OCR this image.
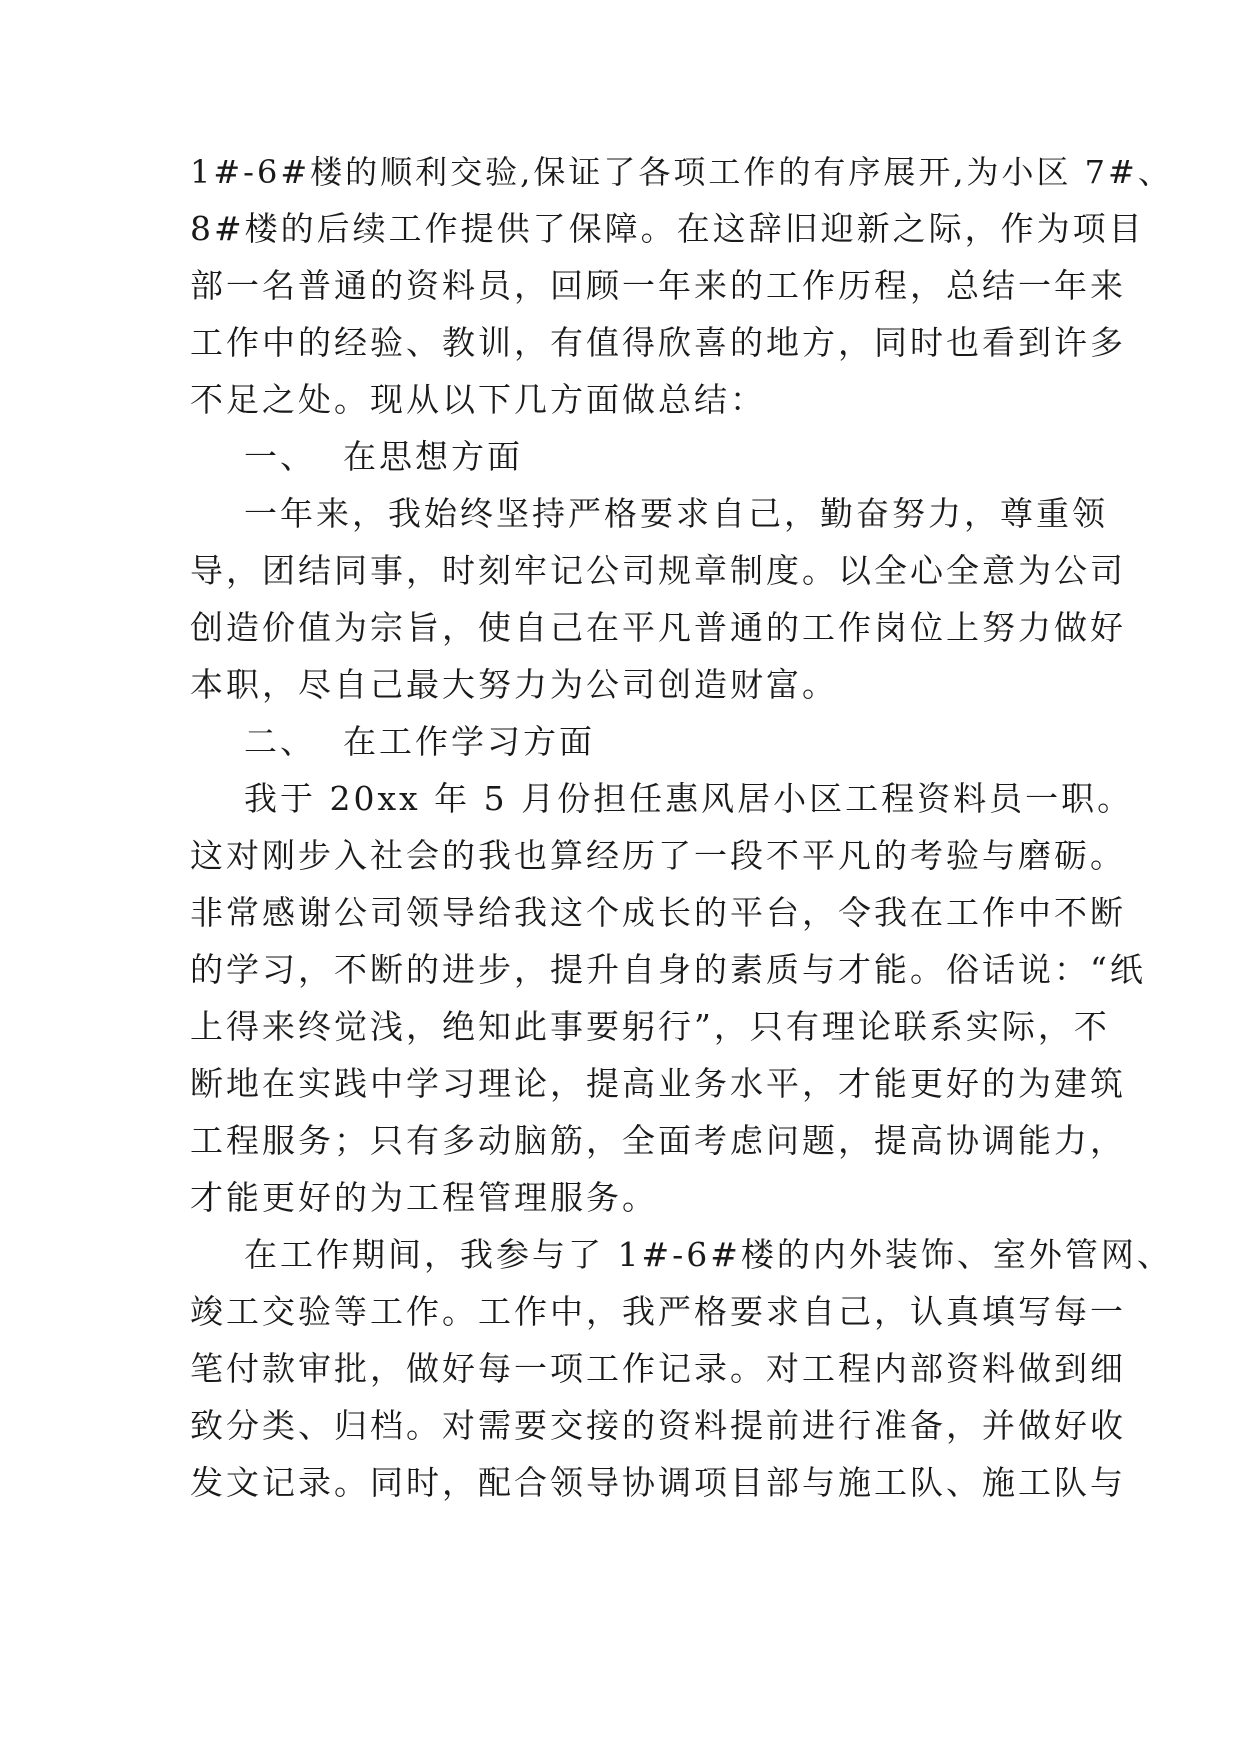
1#-6#楼的顺利交验,保证了各项工作的有序展开,为小区 7#、
8#楼的后续工作提供了保障。在这辞旧迎新之际，作为项目
部一名普通的资料员，回顾一年来的工作历程，总结一年来
工作中的经验、教训，有值得欣喜的地方，同时也看到许多
不足之处。现从以下几方面做总结：
一、  在思想方面
一年来，我始终坚持严格要求自己，勤奋努力，尊重领
导，团结同事，时刻牢记公司规章制度。以全心全意为公司
创造价值为宗旨，使自己在平凡普通的工作岗位上努力做好
本职，尽自己最大努力为公司创造财富。
二、  在工作学习方面
我于 20xx 年 5 月份担任惠风居小区工程资料员一职。
这对刚步入社会的我也算经历了一段不平凡的考验与磨砺。
非常感谢公司领导给我这个成长的平台，令我在工作中不断
的学习，不断的进步，提升自身的素质与才能。俗话说：“纸
上得来终觉浅，绝知此事要躬行”，只有理论联系实际，不
断地在实践中学习理论，提高业务水平，才能更好的为建筑
工程服务；只有多动脑筋，全面考虑问题，提高协调能力，
才能更好的为工程管理服务。
在工作期间，我参与了 1#-6#楼的内外装饰、室外管网、
竣工交验等工作。工作中，我严格要求自己，认真填写每一
笔付款审批，做好每一项工作记录。对工程内部资料做到细
致分类、归档。对需要交接的资料提前进行准备，并做好收
发文记录。同时，配合领导协调项目部与施工队、施工队与
